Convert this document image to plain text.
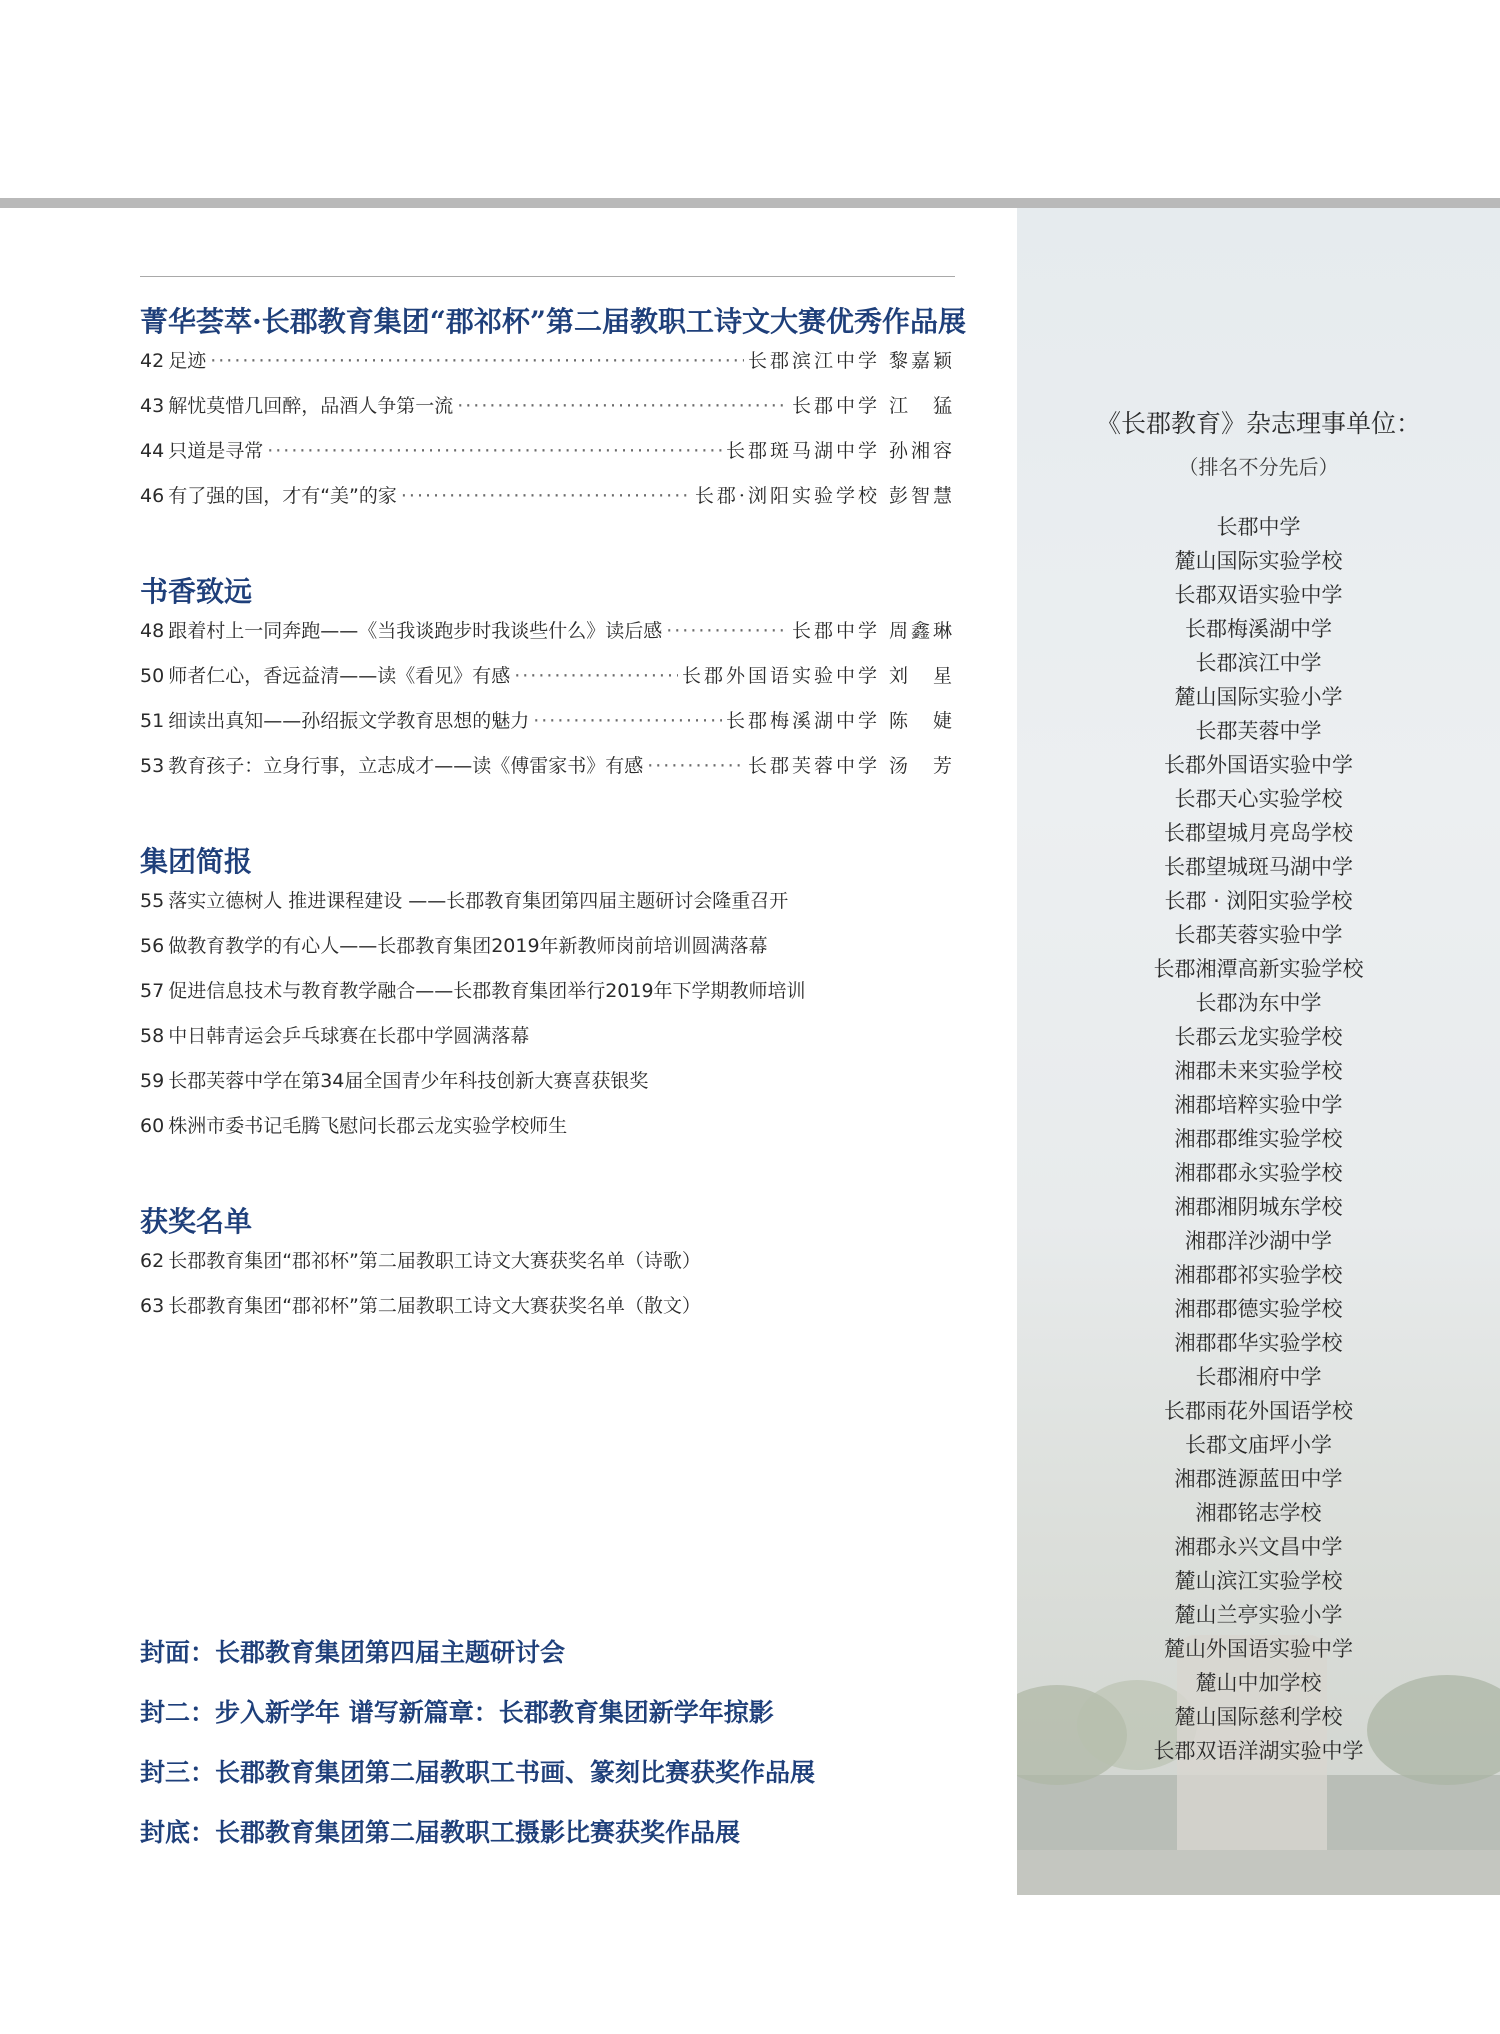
菁华荟萃·长郡教育集团“郡祁杯”第二届教职工诗文大赛优秀作品展
42 足迹 ·····	长郡滨江中学 黎嘉颖
43 解忧莫惜几回醉，品酒人争第一流 ·····	长郡中学 江　猛
44 只道是寻常 ·····	长郡斑马湖中学 孙湘容
46 有了强的国，才有“美”的家 ·····	长郡·浏阳实验学校 彭智慧
书香致远
48 跟着村上一同奔跑——《当我谈跑步时我谈些什么》读后感 ·····	长郡中学 周鑫琳
50 师者仁心，香远益清——读《看见》有感 ·····	长郡外国语实验中学 刘　星
51 细读出真知——孙绍振文学教育思想的魅力 ·····	长郡梅溪湖中学 陈　婕
53 教育孩子：立身行事，立志成才——读《傅雷家书》有感 ·····	长郡芙蓉中学 汤　芳
集团简报
55 落实立德树人 推进课程建设 ——长郡教育集团第四届主题研讨会隆重召开
56 做教育教学的有心人——长郡教育集团2019年新教师岗前培训圆满落幕
57 促进信息技术与教育教学融合——长郡教育集团举行2019年下学期教师培训
58 中日韩青运会乒乓球赛在长郡中学圆满落幕
59 长郡芙蓉中学在第34届全国青少年科技创新大赛喜获银奖
60 株洲市委书记毛腾飞慰问长郡云龙实验学校师生
获奖名单
62 长郡教育集团“郡祁杯”第二届教职工诗文大赛获奖名单（诗歌）
63 长郡教育集团“郡祁杯”第二届教职工诗文大赛获奖名单（散文）
封面：长郡教育集团第四届主题研讨会
封二：步入新学年 谱写新篇章：长郡教育集团新学年掠影
封三：长郡教育集团第二届教职工书画、篆刻比赛获奖作品展
封底：长郡教育集团第二届教职工摄影比赛获奖作品展
《长郡教育》杂志理事单位：
（排名不分先后）
长郡中学
麓山国际实验学校
长郡双语实验中学
长郡梅溪湖中学
长郡滨江中学
麓山国际实验小学
长郡芙蓉中学
长郡外国语实验中学
长郡天心实验学校
长郡望城月亮岛学校
长郡望城斑马湖中学
长郡 · 浏阳实验学校
长郡芙蓉实验中学
长郡湘潭高新实验学校
长郡沩东中学
长郡云龙实验学校
湘郡未来实验学校
湘郡培粹实验中学
湘郡郡维实验学校
湘郡郡永实验学校
湘郡湘阴城东学校
湘郡洋沙湖中学
湘郡郡祁实验学校
湘郡郡德实验学校
湘郡郡华实验学校
长郡湘府中学
长郡雨花外国语学校
长郡文庙坪小学
湘郡涟源蓝田中学
湘郡铭志学校
湘郡永兴文昌中学
麓山滨江实验学校
麓山兰亭实验小学
麓山外国语实验中学
麓山中加学校
麓山国际慈利学校
长郡双语洋湖实验中学
